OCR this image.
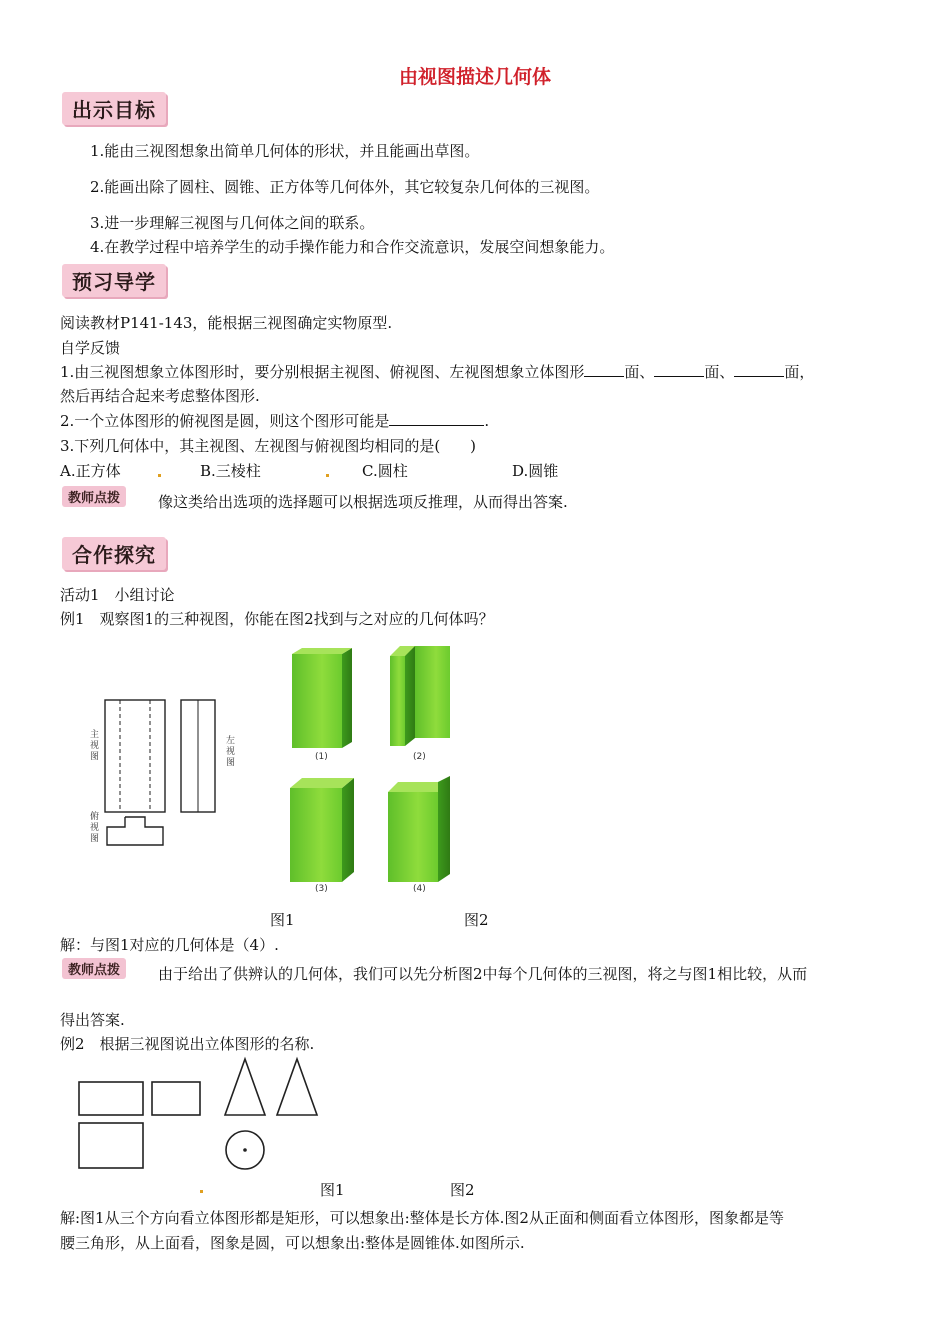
由视图描述几何体
出示目标
1.能由三视图想象出简单几何体的形状，并且能画出草图。
2.能画出除了圆柱、圆锥、正方体等几何体外，其它较复杂几何体的三视图。
3.进一步理解三视图与几何体之间的联系。
4.在教学过程中培养学生的动手操作能力和合作交流意识，发展空间想象能力。
预习导学
阅读教材P141-143，能根据三视图确定实物原型.
自学反馈
1.由三视图想象立体图形时，要分别根据主视图、俯视图、左视图想象立体图形	面、	面、	面，
然后再结合起来考虑整体图形.
2.一个立体图形的俯视图是圆，则这个图形可能是	.
3.下列几何体中，其主视图、左视图与俯视图均相同的是(　　)
A.正方体	B.三棱柱	C.圆柱	D.圆锥
教师点拨	像这类给出选项的选择题可以根据选项反推理，从而得出答案.
合作探究
活动1　小组讨论
例1　观察图1的三种视图，你能在图2找到与之对应的几何体吗？
主视图
左视图
俯视图
(1)	(2)
(3)	(4)
图1	图2
解：与图1对应的几何体是（4）.
教师点拨	由于给出了供辨认的几何体，我们可以先分析图2中每个几何体的三视图，将之与图1相比较，从而
得出答案.
例2　根据三视图说出立体图形的名称.
图1	图2
解:图1从三个方向看立体图形都是矩形，可以想象出:整体是长方体.图2从正面和侧面看立体图形，图象都是等
腰三角形，从上面看，图象是圆，可以想象出:整体是圆锥体.如图所示.
